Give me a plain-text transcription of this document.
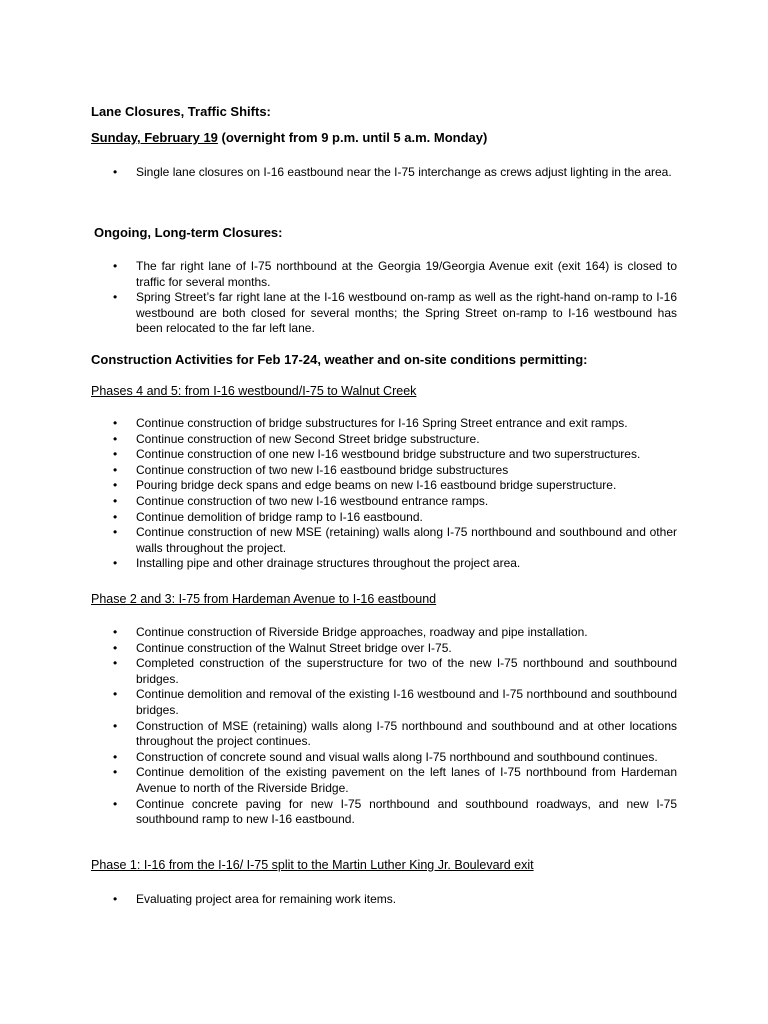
Lane Closures, Traffic Shifts:

Sunday, February 19 (overnight from 9 p.m. until 5 a.m. Monday)

• Single lane closures on I-16 eastbound near the I-75 interchange as crews adjust lighting in the area.
Ongoing, Long-term Closures:
• The far right lane of I-75 northbound at the Georgia 19/Georgia Avenue exit (exit 164) is closed to traffic for several months.
• Spring Street’s far right lane at the I-16 westbound on-ramp as well as the right-hand on-ramp to I-16 westbound are both closed for several months; the Spring Street on-ramp to I-16 westbound has been relocated to the far left lane.
Construction Activities for Feb 17-24, weather and on-site conditions permitting:

Phases 4 and 5: from I-16 westbound/I-75 to Walnut Creek

• Continue construction of bridge substructures for I-16 Spring Street entrance and exit ramps.
• Continue construction of new Second Street bridge substructure.
• Continue construction of one new I-16 westbound bridge substructure and two superstructures.
• Continue construction of two new I-16 eastbound bridge substructures
• Pouring bridge deck spans and edge beams on new I-16 eastbound bridge superstructure.
• Continue construction of two new I-16 westbound entrance ramps.
• Continue demolition of bridge ramp to I-16 eastbound.
• Continue construction of new MSE (retaining) walls along I-75 northbound and southbound and other walls throughout the project.
• Installing pipe and other drainage structures throughout the project area.

Phase 2 and 3: I-75 from Hardeman Avenue to I-16 eastbound

• Continue construction of Riverside Bridge approaches, roadway and pipe installation.
• Continue construction of the Walnut Street bridge over I-75.
• Completed construction of the superstructure for two of the new I-75 northbound and southbound bridges.
• Continue demolition and removal of the existing I-16 westbound and I-75 northbound and southbound bridges.
• Construction of MSE (retaining) walls along I-75 northbound and southbound and at other locations throughout the project continues.
• Construction of concrete sound and visual walls along I-75 northbound and southbound continues.
• Continue demolition of the existing pavement on the left lanes of I-75 northbound from Hardeman Avenue to north of the Riverside Bridge.
• Continue concrete paving for new I-75 northbound and southbound roadways, and new I-75 southbound ramp to new I-16 eastbound.

Phase 1: I-16 from the I-16/ I-75 split to the Martin Luther King Jr. Boulevard exit

• Evaluating project area for remaining work items.
